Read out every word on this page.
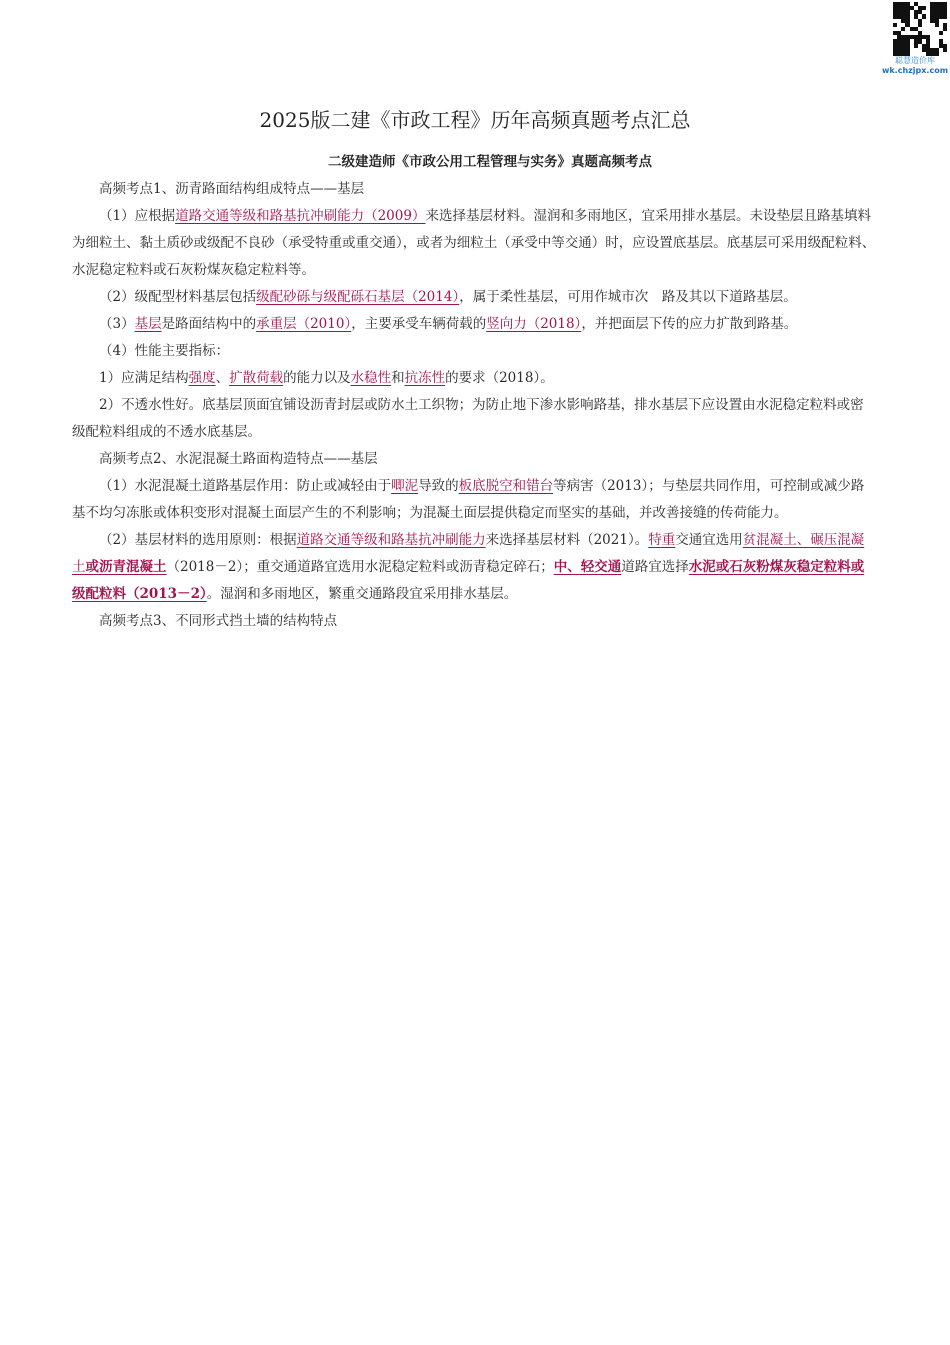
聪慧造价库
wk.chzjpx.com
2025版二建《市政工程》历年高频真题考点汇总
二级建造师《市政公用工程管理与实务》真题高频考点

高频考点1、沥青路面结构组成特点——基层

（1）应根据道路交通等级和路基抗冲刷能力（2009）来选择基层材料。湿润和多雨地区，宜采用排水基层。未设垫层且路基填料为细粒土、黏土质砂或级配不良砂（承受特重或重交通），或者为细粒土（承受中等交通）时，应设置底基层。底基层可采用级配粒料、水泥稳定粒料或石灰粉煤灰稳定粒料等。

（2）级配型材料基层包括级配砂砾与级配砾石基层（2014），属于柔性基层，可用作城市次　路及其以下道路基层。

（3）基层是路面结构中的承重层（2010），主要承受车辆荷载的竖向力（2018），并把面层下传的应力扩散到路基。

（4）性能主要指标：

1）应满足结构强度、扩散荷载的能力以及水稳性和抗冻性的要求（2018）。

2）不透水性好。底基层顶面宜铺设沥青封层或防水土工织物；为防止地下渗水影响路基，排水基层下应设置由水泥稳定粒料或密级配粒料组成的不透水底基层。

高频考点2、水泥混凝土路面构造特点——基层

（1）水泥混凝土道路基层作用：防止或减轻由于唧泥导致的板底脱空和错台等病害（2013）；与垫层共同作用，可控制或减少路基不均匀冻胀或体积变形对混凝土面层产生的不利影响；为混凝土面层提供稳定而坚实的基础，并改善接缝的传荷能力。

（2）基层材料的选用原则：根据道路交通等级和路基抗冲刷能力来选择基层材料（2021）。特重交通宜选用贫混凝土、碾压混凝土或沥青混凝土（2018－2）；重交通道路宜选用水泥稳定粒料或沥青稳定碎石；中、轻交通道路宜选择水泥或石灰粉煤灰稳定粒料或级配粒料（2013－2）。湿润和多雨地区，繁重交通路段宜采用排水基层。

高频考点3、不同形式挡土墙的结构特点
